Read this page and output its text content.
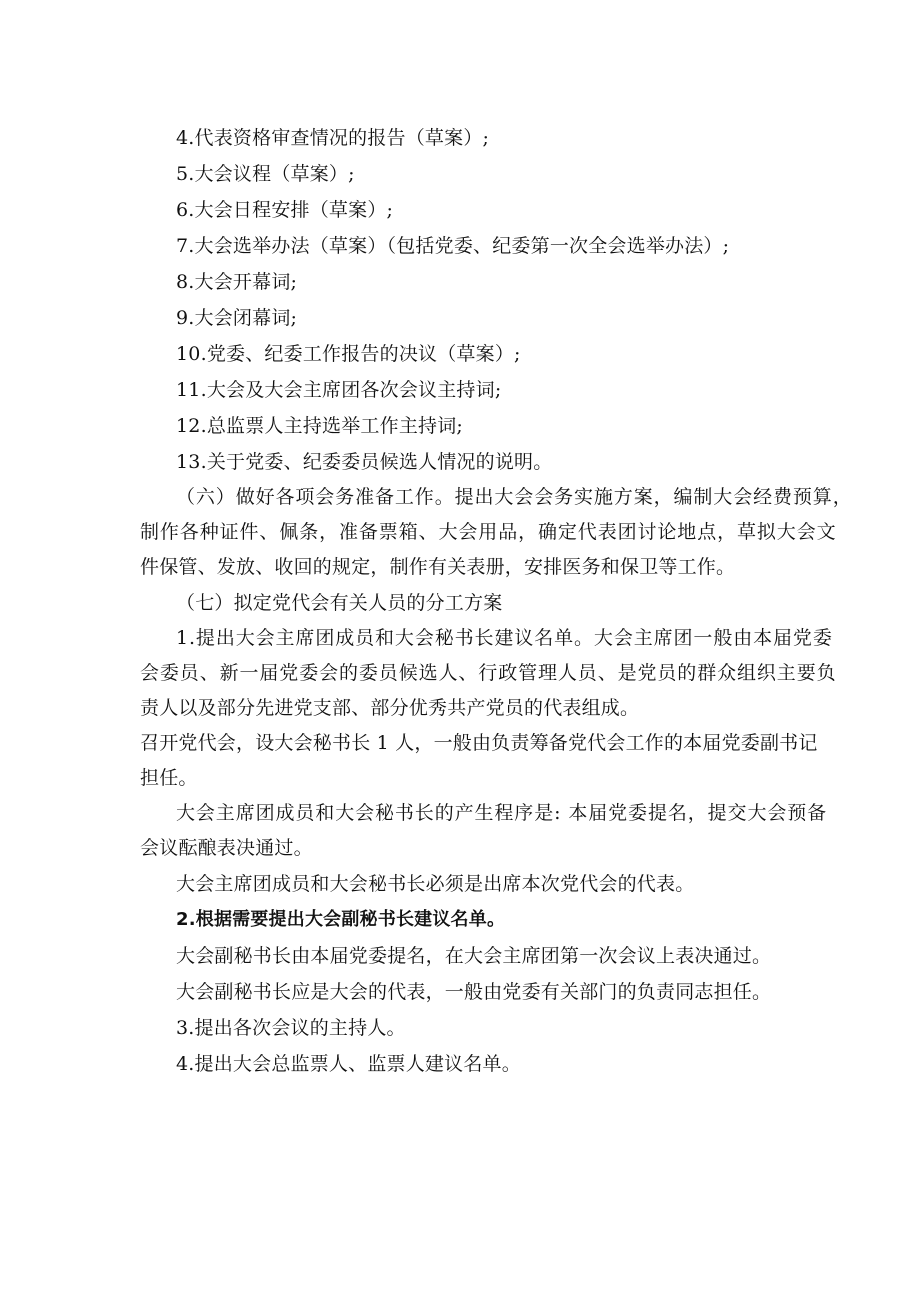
4.代表资格审查情况的报告（草案）;

5.大会议程（草案）;

6.大会日程安排（草案）;

7.大会选举办法（草案）（包括党委、纪委第一次全会选举办法）;

8.大会开幕词;

9.大会闭幕词;

10.党委、纪委工作报告的决议（草案）;

11.大会及大会主席团各次会议主持词;

12.总监票人主持选举工作主持词;

13.关于党委、纪委委员候选人情况的说明。

（六）做好各项会务准备工作。提出大会会务实施方案，编制大会经费预算，

制作各种证件、佩条，准备票箱、大会用品，确定代表团讨论地点，草拟大会文

件保管、发放、收回的规定，制作有关表册，安排医务和保卫等工作。

（七）拟定党代会有关人员的分工方案

1.提出大会主席团成员和大会秘书长建议名单。大会主席团一般由本届党委

会委员、新一届党委会的委员候选人、行政管理人员、是党员的群众组织主要负

责人以及部分先进党支部、部分优秀共产党员的代表组成。

召开党代会，设大会秘书长 1 人，一般由负责筹备党代会工作的本届党委副书记

担任。

大会主席团成员和大会秘书长的产生程序是: 本届党委提名，提交大会预备

会议酝酿表决通过。

大会主席团成员和大会秘书长必须是出席本次党代会的代表。

2.根据需要提出大会副秘书长建议名单。

大会副秘书长由本届党委提名，在大会主席团第一次会议上表决通过。

大会副秘书长应是大会的代表，一般由党委有关部门的负责同志担任。

3.提出各次会议的主持人。

4.提出大会总监票人、监票人建议名单。
